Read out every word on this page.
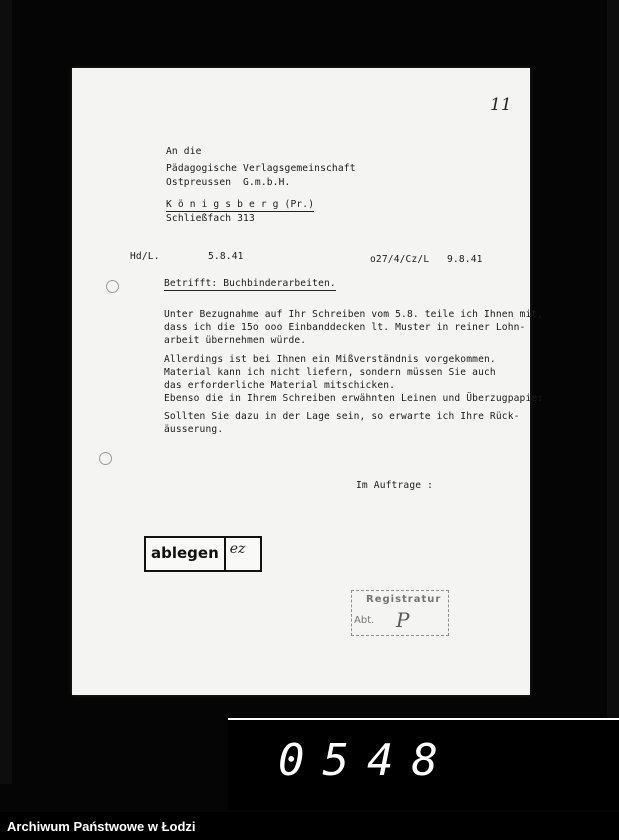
11
An die
Pädagogische Verlagsgemeinschaft
Ostpreussen  G.m.b.H.
K ö n i g s b e r g (Pr.)
Schließfach 313
Hd/L.	5.8.41	o27/4/Cz/L 9.8.41
Betrifft: Buchbinderarbeiten.
Unter Bezugnahme auf Ihr Schreiben vom 5.8. teile ich Ihnen mit,
dass ich die 15o ooo Einbanddecken lt. Muster in reiner Lohn-
arbeit übernehmen würde.
Allerdings ist bei Ihnen ein Mißverständnis vorgekommen.
Material kann ich nicht liefern, sondern müssen Sie auch
das erforderliche Material mitschicken.
Ebenso die in Ihrem Schreiben erwähnten Leinen und Überzugpapie:
Sollten Sie dazu in der Lage sein, so erwarte ich Ihre Rück-
äusserung.
Im Auftrage :
ablegen ez
Registratur
Abt. P
0548
Archiwum Państwowe w Łodzi
